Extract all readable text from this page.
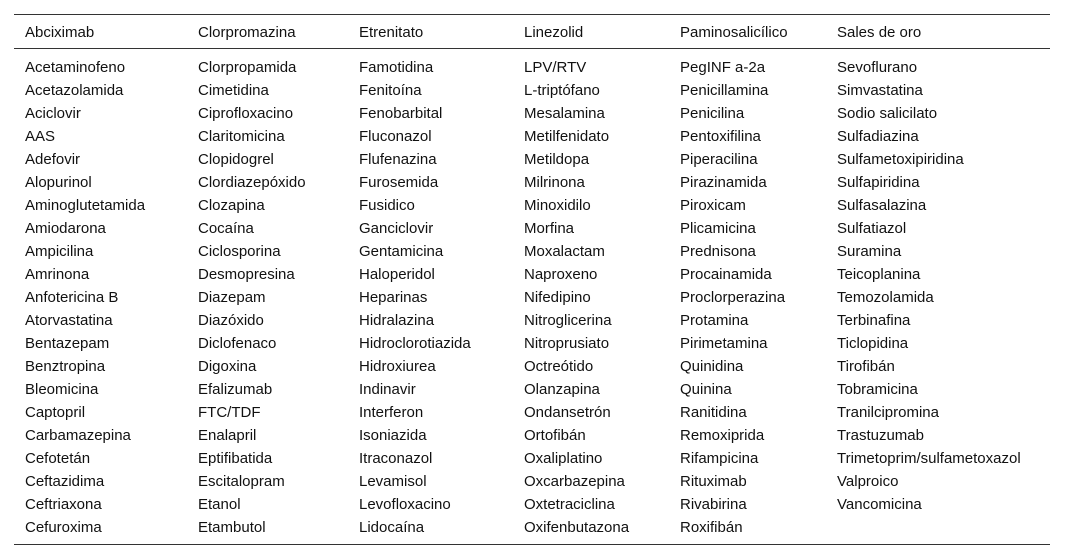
Abciximab	Clorpromazina	Etrenitato	Linezolid	Paminosalicílico	Sales de oro
Acetaminofeno	Clorpropamida	Famotidina	LPV/RTV	PegINF a-2a	Sevoflurano
Acetazolamida	Cimetidina	Fenitoína	L-triptófano	Penicillamina	Simvastatina
Aciclovir	Ciprofloxacino	Fenobarbital	Mesalamina	Penicilina	Sodio salicilato
AAS	Claritomicina	Fluconazol	Metilfenidato	Pentoxifilina	Sulfadiazina
Adefovir	Clopidogrel	Flufenazina	Metildopa	Piperacilina	Sulfametoxipiridina
Alopurinol	Clordiazepóxido	Furosemida	Milrinona	Pirazinamida	Sulfapiridina
Aminoglutetamida	Clozapina	Fusidico	Minoxidilo	Piroxicam	Sulfasalazina
Amiodarona	Cocaína	Ganciclovir	Morfina	Plicamicina	Sulfatiazol
Ampicilina	Ciclosporina	Gentamicina	Moxalactam	Prednisona	Suramina
Amrinona	Desmopresina	Haloperidol	Naproxeno	Procainamida	Teicoplanina
Anfotericina B	Diazepam	Heparinas	Nifedipino	Proclorperazina	Temozolamida
Atorvastatina	Diazóxido	Hidralazina	Nitroglicerina	Protamina	Terbinafina
Bentazepam	Diclofenaco	Hidroclorotiazida	Nitroprusiato	Pirimetamina	Ticlopidina
Benztropina	Digoxina	Hidroxiurea	Octreótido	Quinidina	Tirofibán
Bleomicina	Efalizumab	Indinavir	Olanzapina	Quinina	Tobramicina
Captopril	FTC/TDF	Interferon	Ondansetrón	Ranitidina	Tranilcipromina
Carbamazepina	Enalapril	Isoniazida	Ortofibán	Remoxiprida	Trastuzumab
Cefotetán	Eptifibatida	Itraconazol	Oxaliplatino	Rifampicina	Trimetoprim/sulfametoxazol
Ceftazidima	Escitalopram	Levamisol	Oxcarbazepina	Rituximab	Valproico
Ceftriaxona	Etanol	Levofloxacino	Oxtetraciclina	Rivabirina	Vancomicina
Cefuroxima	Etambutol	Lidocaína	Oxifenbutazona	Roxifibán	
